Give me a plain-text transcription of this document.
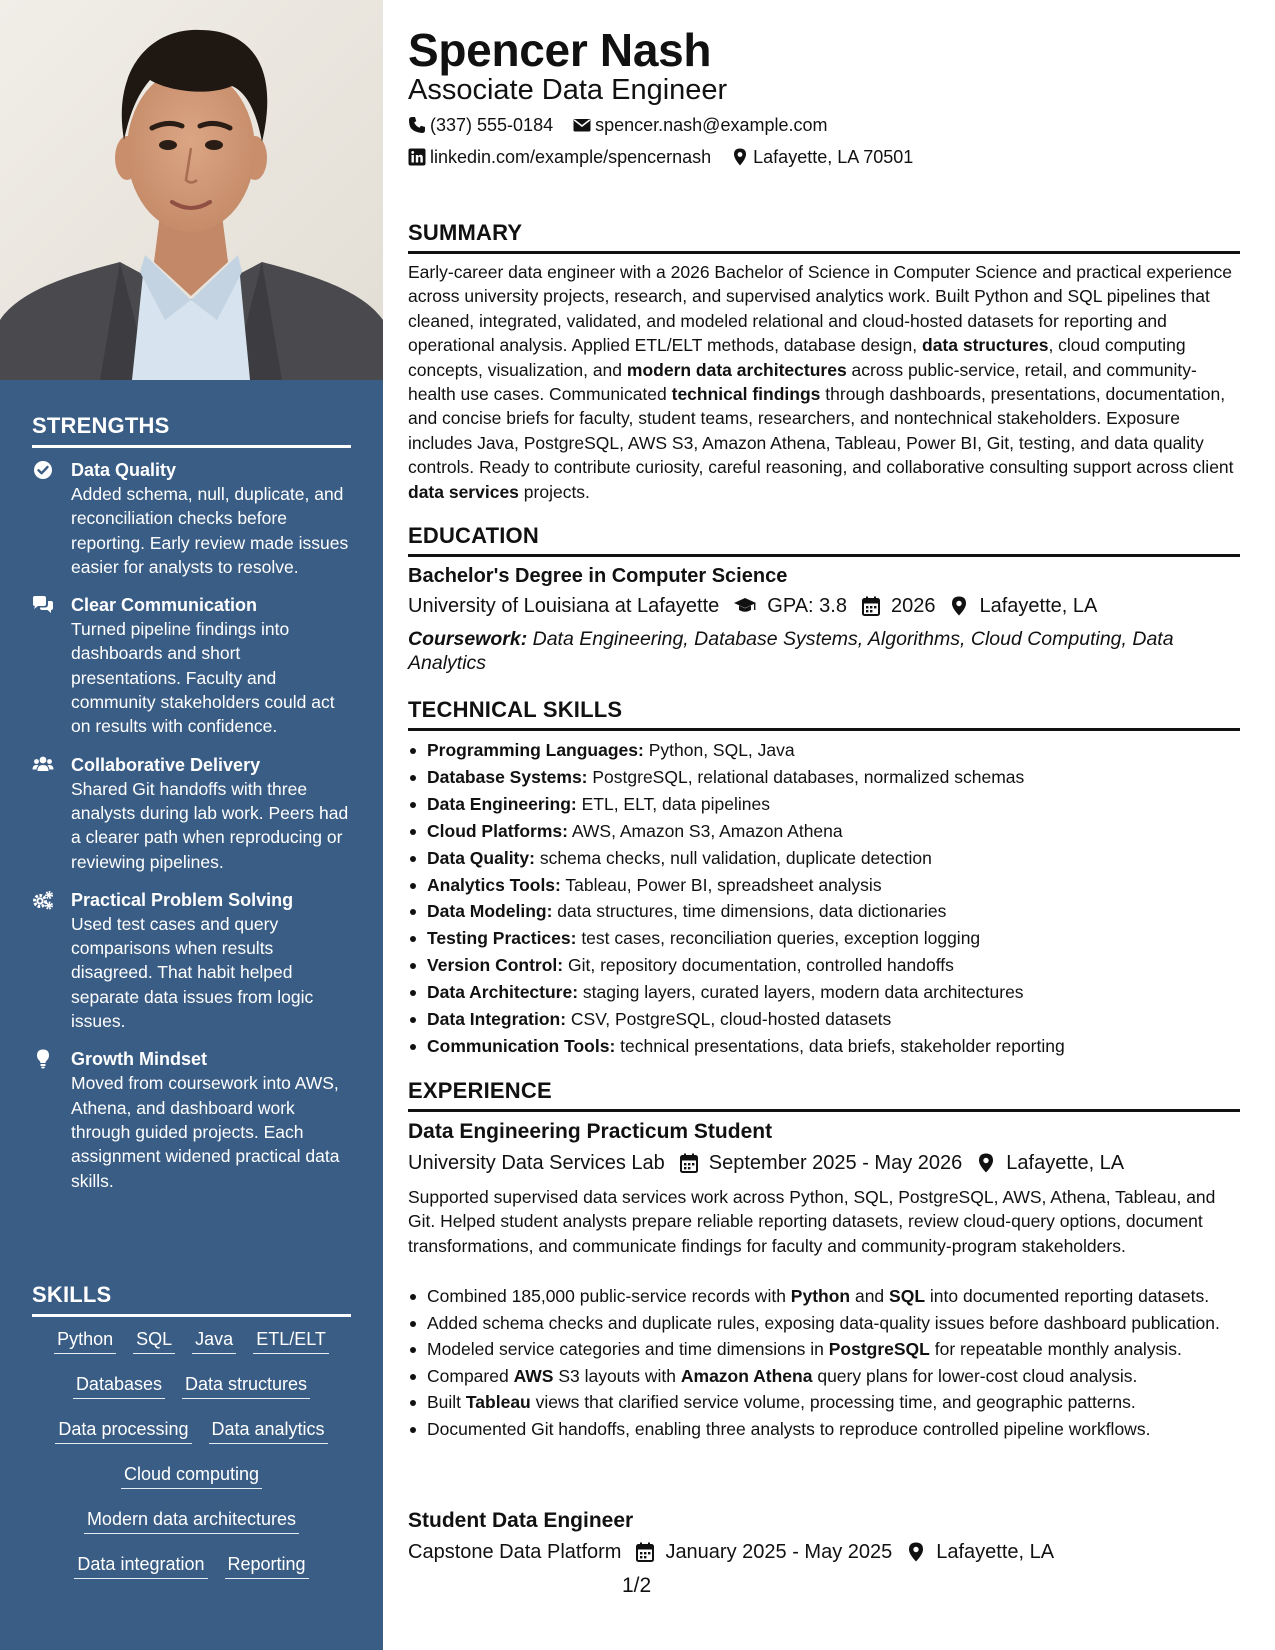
STRENGTHS
Data Quality
Added schema, null, duplicate, and reconciliation checks before reporting. Early review made issues easier for analysts to resolve.
Clear Communication
Turned pipeline findings into dashboards and short presentations. Faculty and community stakeholders could act on results with confidence.
Collaborative Delivery
Shared Git handoffs with three analysts during lab work. Peers had a clearer path when reproducing or reviewing pipelines.
Practical Problem Solving
Used test cases and query comparisons when results disagreed. That habit helped separate data issues from logic issues.
Growth Mindset
Moved from coursework into AWS, Athena, and dashboard work through guided projects. Each assignment widened practical data skills.
SKILLS
Python SQL Java ETL/ELT
Databases Data structures
Data processing Data analytics
Cloud computing
Modern data architectures
Data integration Reporting
Spencer Nash
Associate Data Engineer
(337) 555-0184 spencer.nash@example.com
linkedin.com/example/spencernash Lafayette, LA 70501
SUMMARY

Early-career data engineer with a 2026 Bachelor of Science in Computer Science and practical experience across university projects, research, and supervised analytics work. Built Python and SQL pipelines that cleaned, integrated, validated, and modeled relational and cloud-hosted datasets for reporting and operational analysis. Applied ETL/ELT methods, database design, data structures, cloud computing concepts, visualization, and modern data architectures across public-service, retail, and community-health use cases. Communicated technical findings through dashboards, presentations, documentation, and concise briefs for faculty, student teams, researchers, and nontechnical stakeholders. Exposure includes Java, PostgreSQL, AWS S3, Amazon Athena, Tableau, Power BI, Git, testing, and data quality controls. Ready to contribute curiosity, careful reasoning, and collaborative consulting support across client data services projects.

EDUCATION
Bachelor's Degree in Computer Science
University of Louisiana at Lafayette GPA: 3.8 2026 Lafayette, LA
Coursework: Data Engineering, Database Systems, Algorithms, Cloud Computing, Data Analytics
TECHNICAL SKILLS
Programming Languages: Python, SQL, Java
Database Systems: PostgreSQL, relational databases, normalized schemas
Data Engineering: ETL, ELT, data pipelines
Cloud Platforms: AWS, Amazon S3, Amazon Athena
Data Quality: schema checks, null validation, duplicate detection
Analytics Tools: Tableau, Power BI, spreadsheet analysis
Data Modeling: data structures, time dimensions, data dictionaries
Testing Practices: test cases, reconciliation queries, exception logging
Version Control: Git, repository documentation, controlled handoffs
Data Architecture: staging layers, curated layers, modern data architectures
Data Integration: CSV, PostgreSQL, cloud-hosted datasets
Communication Tools: technical presentations, data briefs, stakeholder reporting
EXPERIENCE
Data Engineering Practicum Student
University Data Services Lab September 2025 - May 2026 Lafayette, LA

Supported supervised data services work across Python, SQL, PostgreSQL, AWS, Athena, Tableau, and Git. Helped student analysts prepare reliable reporting datasets, review cloud-query options, document transformations, and communicate findings for faculty and community-program stakeholders.

Combined 185,000 public-service records with Python and SQL into documented reporting datasets.
Added schema checks and duplicate rules, exposing data-quality issues before dashboard publication.
Modeled service categories and time dimensions in PostgreSQL for repeatable monthly analysis.
Compared AWS S3 layouts with Amazon Athena query plans for lower-cost cloud analysis.
Built Tableau views that clarified service volume, processing time, and geographic patterns.
Documented Git handoffs, enabling three analysts to reproduce controlled pipeline workflows.
Student Data Engineer
Capstone Data Platform January 2025 - May 2025 Lafayette, LA
1/2
